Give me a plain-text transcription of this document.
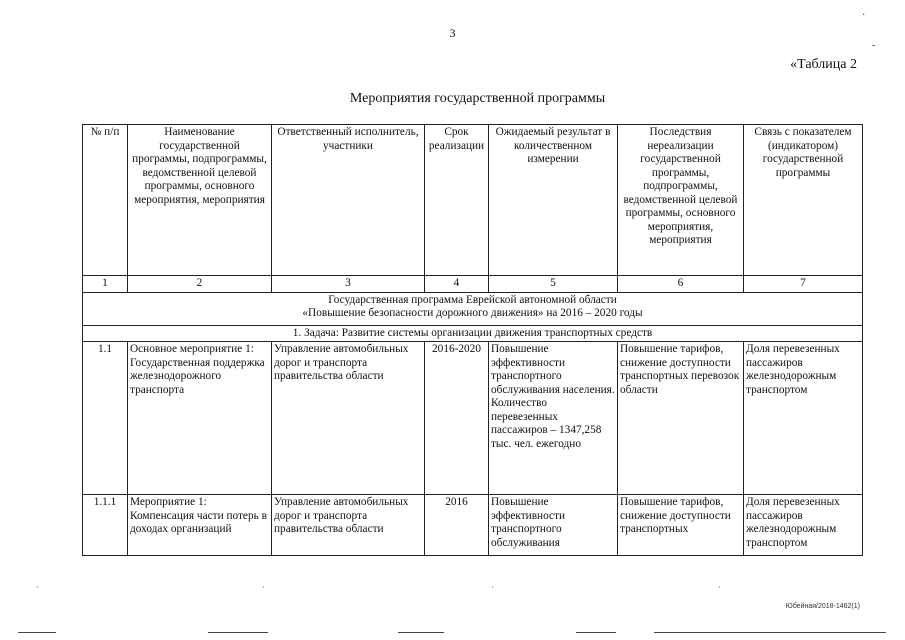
3
«Таблица 2
Мероприятия государственной программы
·
-
№ п/п	Наименование государственной программы, подпрограммы, ведомственной целевой программы, основного мероприятия, мероприятия	Ответственный исполнитель, участники	Срок реализации	Ожидаемый результат в количественном измерении	Последствия нереализации государственной программы, подпрограммы, ведомственной целевой программы, основного мероприятия, мероприятия	Связь с показателем (индикатором) государственной программы
1	2	3	4	5	6	7

Государственная программа Еврейской автономной области
«Повышение безопасности дорожного движения» на 2016 – 2020 годы						

1. Задача: Развитие системы организации движения транспортных средств						
1.1	Основное мероприятие 1: Государственная поддержка железнодорожного транспорта	Управление автомобильных дорог и транспорта правительства области	2016-2020	Повышение эффективности транспортного обслуживания населения. Количество перевезенных пассажиров – 1347,258 тыс. чел. ежегодно	Повышение тарифов, снижение доступности транспортных перевозок области	Доля перевезенных пассажиров железнодорожным транспортом
1.1.1	Мероприятие 1: Компенсация части потерь в доходах организаций	Управление автомобильных дорог и транспорта правительства области	2016	Повышение эффективности транспортного обслуживания	Повышение тарифов, снижение доступности транспортных	Доля перевезенных пассажиров железнодорожным транспортом
·	·	·	·
Юбейная/2018-1462(1)
